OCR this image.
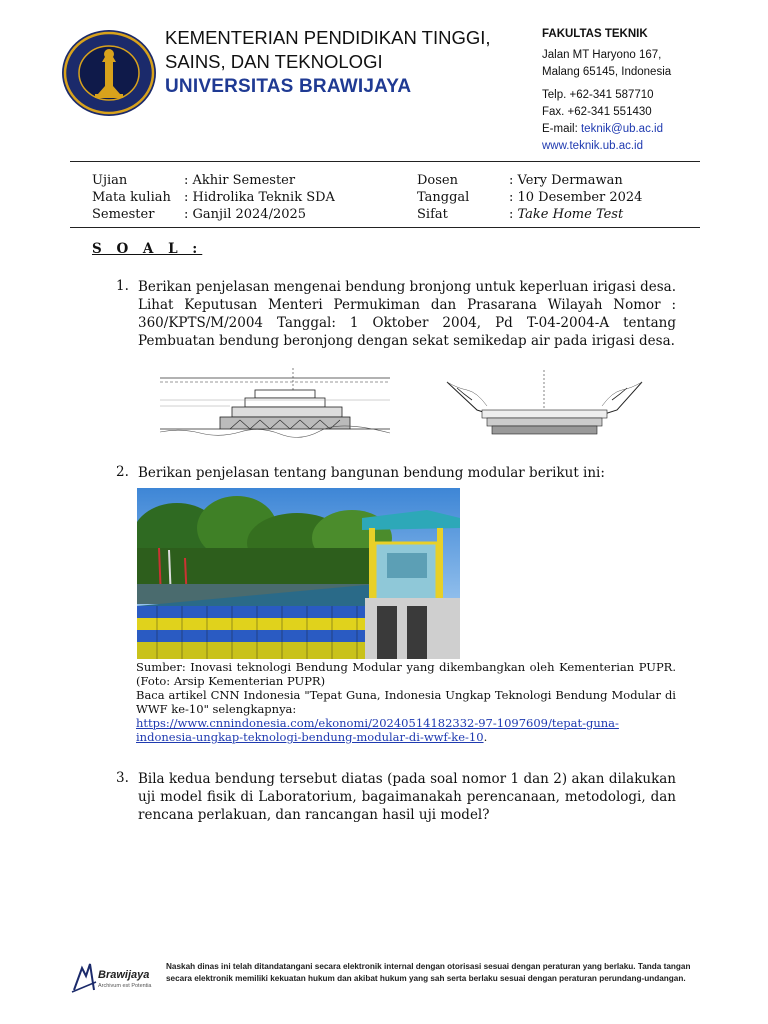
KEMENTERIAN PENDIDIKAN TINGGI,
SAINS, DAN TEKNOLOGI
UNIVERSITAS BRAWIJAYA
FAKULTAS TEKNIK
Jalan MT Haryono 167,
Malang 65145, Indonesia
Telp. +62-341 587710
Fax. +62-341 551430
E-mail: teknik@ub.ac.id
www.teknik.ub.ac.id
Ujian	: Akhir Semester
Mata kuliah	: Hidrolika Teknik SDA
Semester	: Ganjil 2024/2025
Dosen	: Very Dermawan
Tanggal	: 10 Desember 2024
Sifat	: Take Home Test
S O A L :
1. Berikan penjelasan mengenai bendung bronjong untuk keperluan irigasi desa. Lihat Keputusan Menteri Permukiman dan Prasarana Wilayah Nomor : 360/KPTS/M/2004 Tanggal: 1 Oktober 2004, Pd T-04-2004-A tentang Pembuatan bendung beronjong dengan sekat semikedap air pada irigasi desa.
2. Berikan penjelasan tentang bangunan bendung modular berikut ini:
Sumber: Inovasi teknologi Bendung Modular yang dikembangkan oleh Kementerian PUPR. (Foto: Arsip Kementerian PUPR)
Baca artikel CNN Indonesia "Tepat Guna, Indonesia Ungkap Teknologi Bendung Modular di WWF ke-10" selengkapnya:
https://www.cnnindonesia.com/ekonomi/20240514182332-97-1097609/tepat-guna-indonesia-ungkap-teknologi-bendung-modular-di-wwf-ke-10.
3. Bila kedua bendung tersebut diatas (pada soal nomor 1 dan 2) akan dilakukan uji model fisik di Laboratorium, bagaimanakah perencanaan, metodologi, dan rencana perlakuan, dan rancangan hasil uji model?
Brawijaya
Archivum est Potentia
Naskah dinas ini telah ditandatangani secara elektronik internal dengan otorisasi sesuai dengan peraturan yang berlaku. Tanda tangan secara elektronik memiliki kekuatan hukum dan akibat hukum yang sah serta berlaku sesuai dengan peraturan perundang-undangan.
